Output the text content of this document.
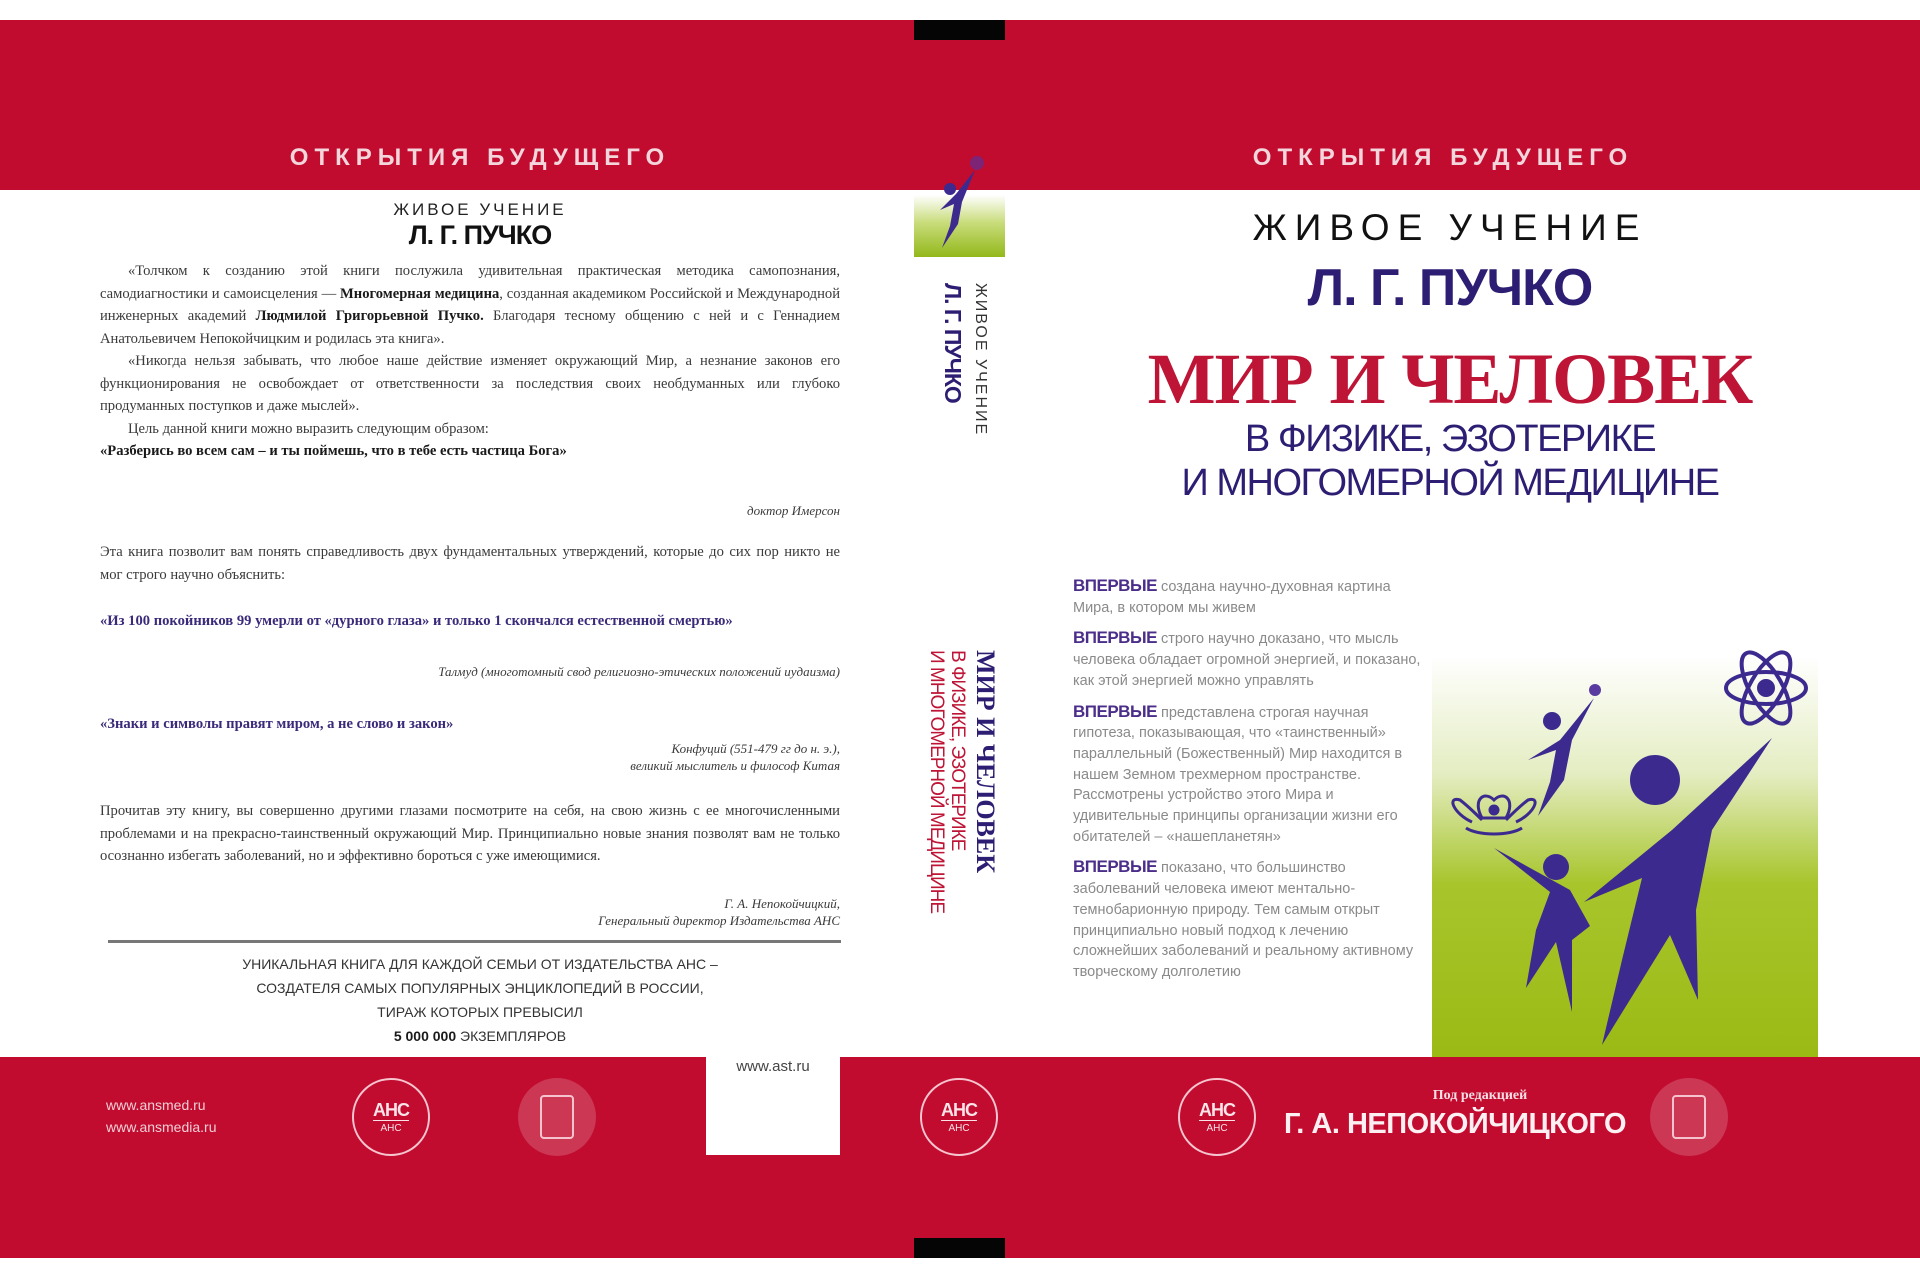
ОТКРЫТИЯ БУДУЩЕГО
ЖИВОЕ УЧЕНИЕ
Л. Г. ПУЧКО

«Толчком к созданию этой книги послужила удивительная практическая методика самопознания, самодиагностики и самоисцеления — Многомерная медицина, созданная академиком Российской и Международной инженерных академий Людмилой Григорьевной Пучко. Благодаря тесному общению с ней и с Геннадием Анатольевичем Непокойчицким и родилась эта книга».

«Никогда нельзя забывать, что любое наше действие изменяет окружающий Мир, а незнание законов его функционирования не освобождает от ответственности за последствия своих необдуманных или глубоко продуманных поступков и даже мыслей».

Цель данной книги можно выразить следующим образом:

«Разберись во всем сам – и ты поймешь, что в тебе есть частица Бога»

доктор Имерсон

Эта книга позволит вам понять справедливость двух фундаментальных утверждений, которые до сих пор никто не мог строго научно объяснить:

«Из 100 покойников 99 умерли от «дурного глаза» и только 1 скончался естественной смертью»
Талмуд (многотомный свод религиозно-этических положений иудаизма)
«Знаки и символы правят миром, а не слово и закон»
Конфуций (551-479 гг до н. э.),
великий мыслитель и философ Китая

Прочитав эту книгу, вы совершенно другими глазами посмотрите на себя, на свою жизнь с ее многочисленными проблемами и на прекрасно-таинственный окружающий Мир. Принципиально новые знания позволят вам не только осознанно избегать заболеваний, но и эффективно бороться с уже имеющимися.

Г. А. Непокойчицкий,
Генеральный директор Издательства АНС
УНИКАЛЬНАЯ КНИГА ДЛЯ КАЖДОЙ СЕМЬИ ОТ ИЗДАТЕЛЬСТВА АНС –
СОЗДАТЕЛЯ САМЫХ ПОПУЛЯРНЫХ ЭНЦИКЛОПЕДИЙ В РОССИИ,
ТИРАЖ КОТОРЫХ ПРЕВЫСИЛ
5 000 000 ЭКЗЕМПЛЯРОВ
www.ansmed.ru
www.ansmedia.ru
АНС
АНС
www.ast.ru
ЖИВОЕ УЧЕНИЕ
Л. Г. ПУЧКО
МИР И ЧЕЛОВЕК
В ФИЗИКЕ, ЭЗОТЕРИКЕ
И МНОГОМЕРНОЙ МЕДИЦИНЕ
АНС
АНС
ОТКРЫТИЯ БУДУЩЕГО
ЖИВОЕ УЧЕНИЕ
Л. Г. ПУЧКО
МИР И ЧЕЛОВЕК
В ФИЗИКЕ, ЭЗОТЕРИКЕ
И МНОГОМЕРНОЙ МЕДИЦИНЕ

ВПЕРВЫЕ создана научно-духовная картина Мира, в котором мы живем

ВПЕРВЫЕ строго научно доказано, что мысль человека обладает огромной энергией, и показано, как этой энергией можно управлять

ВПЕРВЫЕ представлена строгая научная гипотеза, показывающая, что «таинственный» параллельный (Божественный) Мир находится в нашем Земном трехмерном пространстве. Рассмотрены устройство этого Мира и удивительные принципы организации жизни его обитателей – «нашепланетян»

ВПЕРВЫЕ показано, что большинство заболеваний человека имеют ментально-темнобарионную природу. Тем самым открыт принципиально новый подход к лечению сложнейших заболеваний и реальному активному творческому долголетию

АНС
АНС
Под редакцией
Г. А. НЕПОКОЙЧИЦКОГО
